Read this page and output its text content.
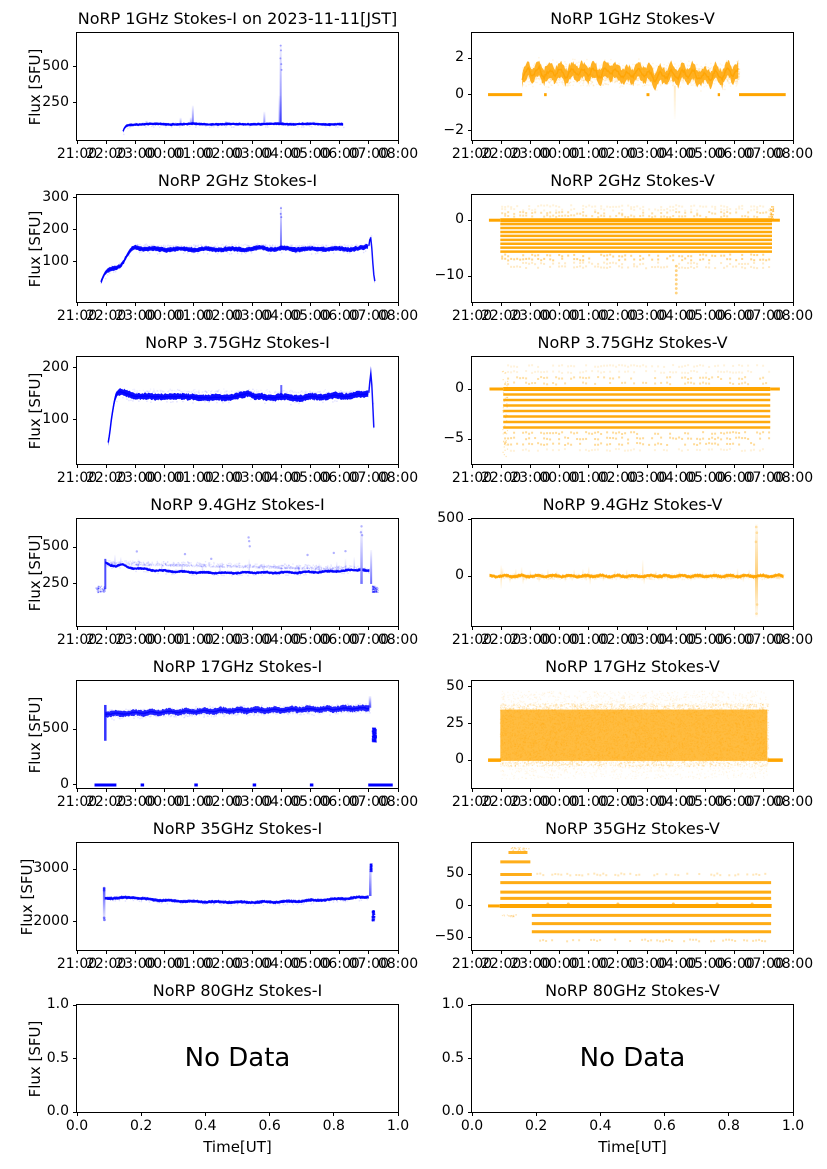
NoRP 1GHz Stokes-I on 2023-11-11[JST]
21:00
22:00
23:00
00:00
01:00
02:00
03:00
04:00
05:00
06:00
07:00
08:00
250
500
Flux [SFU]
NoRP 1GHz Stokes-V
21:00
22:00
23:00
00:00
01:00
02:00
03:00
04:00
05:00
06:00
07:00
08:00
−2
0
2
NoRP 2GHz Stokes-I
21:00
22:00
23:00
00:00
01:00
02:00
03:00
04:00
05:00
06:00
07:00
08:00
100
200
300
Flux [SFU]
NoRP 2GHz Stokes-V
21:00
22:00
23:00
00:00
01:00
02:00
03:00
04:00
05:00
06:00
07:00
08:00
−10
0
NoRP 3.75GHz Stokes-I
21:00
22:00
23:00
00:00
01:00
02:00
03:00
04:00
05:00
06:00
07:00
08:00
100
200
Flux [SFU]
NoRP 3.75GHz Stokes-V
21:00
22:00
23:00
00:00
01:00
02:00
03:00
04:00
05:00
06:00
07:00
08:00
−5
0
NoRP 9.4GHz Stokes-I
21:00
22:00
23:00
00:00
01:00
02:00
03:00
04:00
05:00
06:00
07:00
08:00
250
500
Flux [SFU]
NoRP 9.4GHz Stokes-V
21:00
22:00
23:00
00:00
01:00
02:00
03:00
04:00
05:00
06:00
07:00
08:00
0
500
NoRP 17GHz Stokes-I
21:00
22:00
23:00
00:00
01:00
02:00
03:00
04:00
05:00
06:00
07:00
08:00
0
500
Flux [SFU]
NoRP 17GHz Stokes-V
21:00
22:00
23:00
00:00
01:00
02:00
03:00
04:00
05:00
06:00
07:00
08:00
0
25
50
NoRP 35GHz Stokes-I
21:00
22:00
23:00
00:00
01:00
02:00
03:00
04:00
05:00
06:00
07:00
08:00
2000
3000
Flux [SFU]
NoRP 35GHz Stokes-V
21:00
22:00
23:00
00:00
01:00
02:00
03:00
04:00
05:00
06:00
07:00
08:00
−50
0
50
NoRP 80GHz Stokes-I
0.0	0.2	0.4	0.6	0.8	1.0
0.0
0.5
1.0
Flux [SFU]
Time[UT]
No Data
NoRP 80GHz Stokes-V
0.0	0.2	0.4	0.6	0.8	1.0
0.0
0.5
1.0
Time[UT]
No Data
